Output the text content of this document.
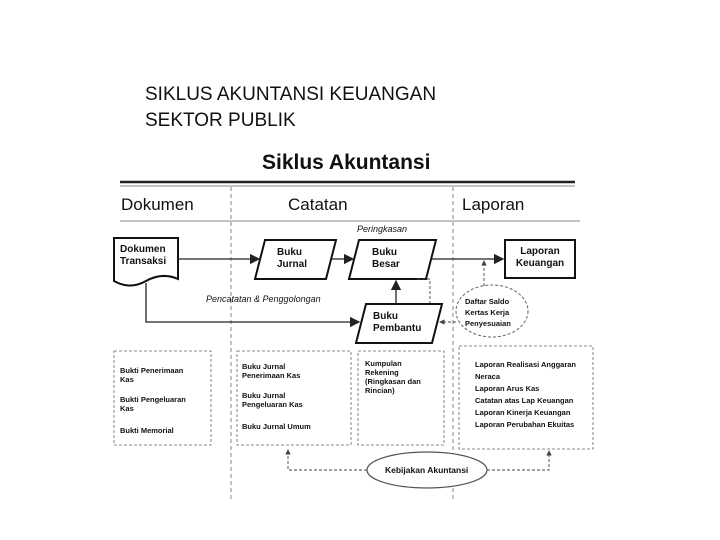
SIKLUS AKUNTANSI KEUANGAN
SEKTOR PUBLIK
Siklus Akuntansi
Dokumen	Catatan	Laporan
Peringkasan
Pencatatan & Penggolongan
Dokumen
Transaksi
Buku
Jurnal
Buku
Besar
Buku
Pembantu
Laporan
Keuangan
Daftar Saldo
Kertas Kerja
Penyesuaian
Bukti Penerimaan
Kas
Bukti Pengeluaran
Kas
Bukti Memorial
Buku Jurnal
Penerimaan Kas
Buku Jurnal
Pengeluaran Kas
Buku Jurnal Umum
Kumpulan
Rekening
(Ringkasan dan
Rincian)
Laporan Realisasi Anggaran
Neraca
Laporan Arus Kas
Catatan atas Lap Keuangan
Laporan Kinerja Keuangan
Laporan Perubahan Ekuitas
Kebijakan Akuntansi
